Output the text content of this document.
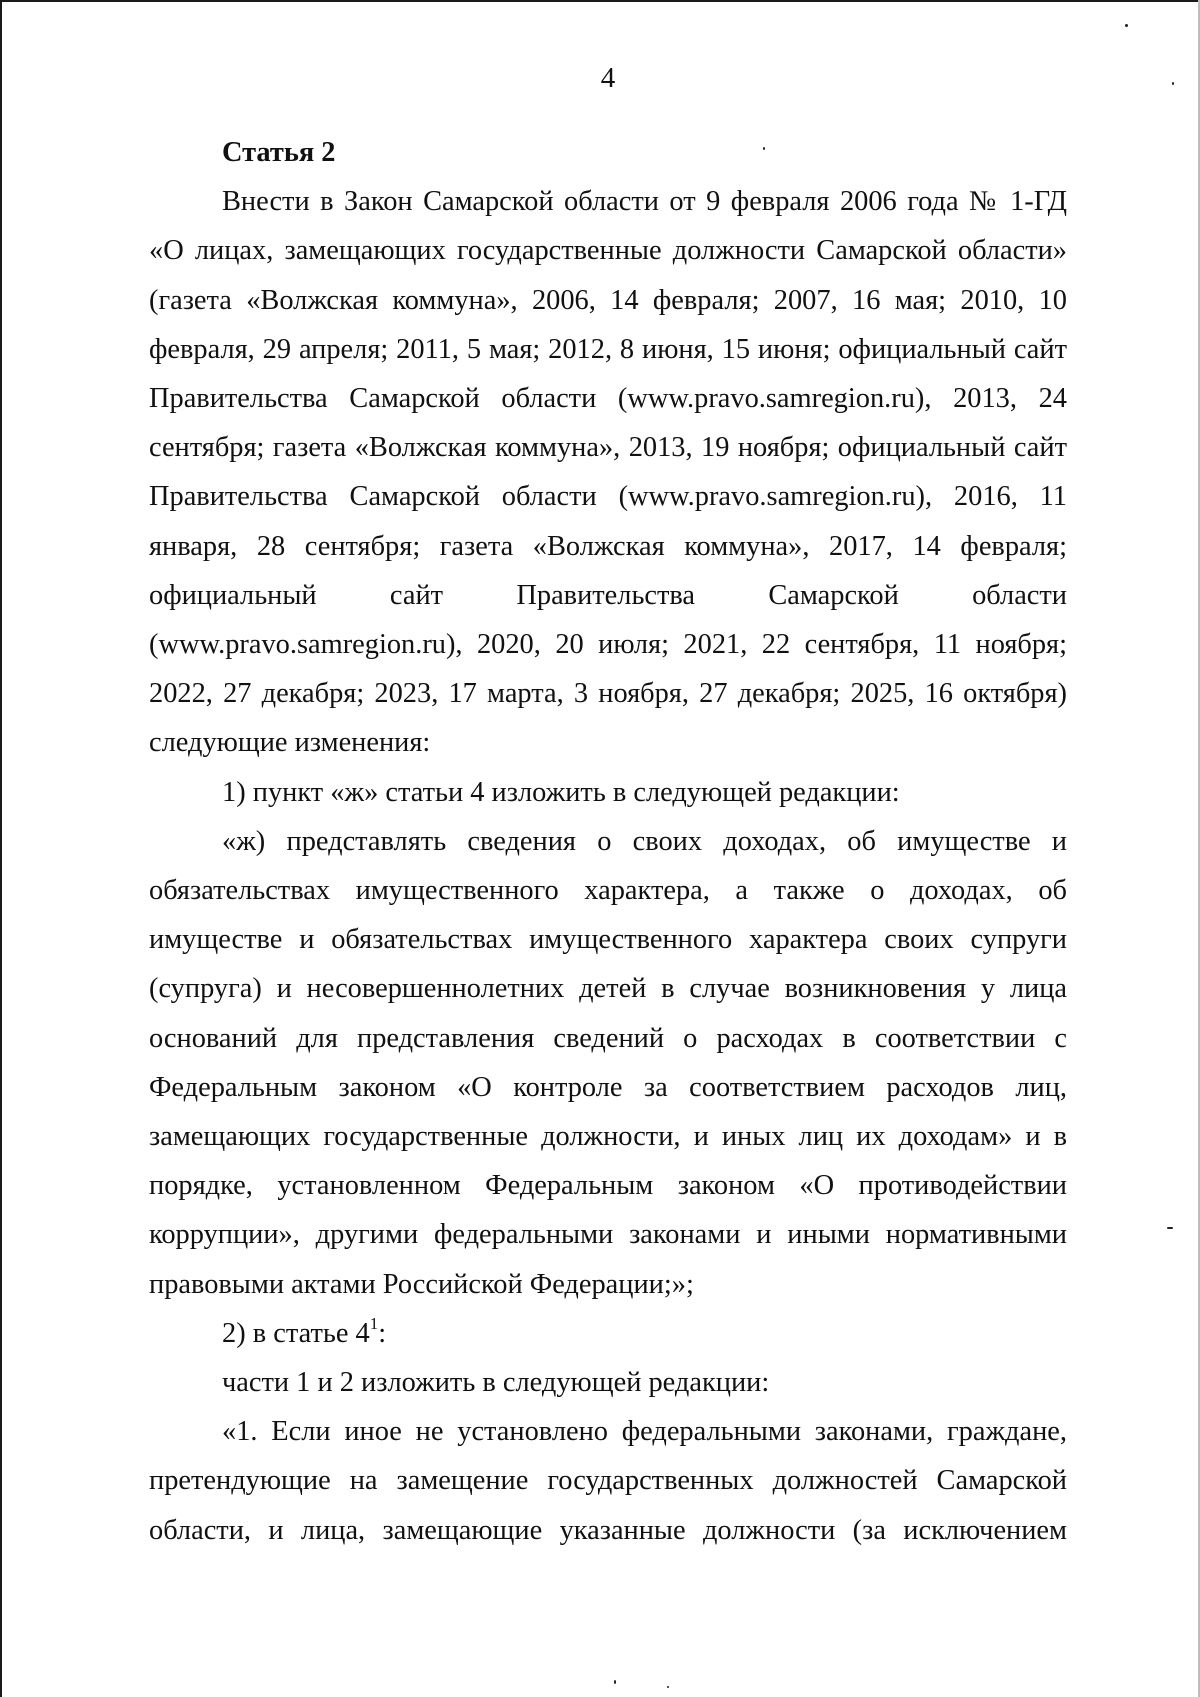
4

Статья 2

Внести в Закон Самарской области от 9 февраля 2006 года № 1-ГД «О лицах, замещающих государственные должности Самарской области» (газета «Волжская коммуна», 2006, 14 февраля; 2007, 16 мая; 2010, 10 февраля, 29 апреля; 2011, 5 мая; 2012, 8 июня, 15 июня; официальный сайт Правительства Самарской области (www.pravo.samregion.ru), 2013, 24 сентября; газета «Волжская коммуна», 2013, 19 ноября; официальный сайт Правительства Самарской области (www.pravo.samregion.ru), 2016, 11 января, 28 сентября; газета «Волжская коммуна», 2017, 14 февраля; официальный сайт Правительства Самарской области (www.pravo.samregion.ru), 2020, 20 июля; 2021, 22 сентября, 11 ноября; 2022, 27 декабря; 2023, 17 марта, 3 ноября, 27 декабря; 2025, 16 октября) следующие изменения:

1) пункт «ж» статьи 4 изложить в следующей редакции:

«ж) представлять сведения о своих доходах, об имуществе и обязательствах имущественного характера, а также о доходах, об имуществе и обязательствах имущественного характера своих супруги (супруга) и несовершеннолетних детей в случае возникновения у лица оснований для представления сведений о расходах в соответствии с Федеральным законом «О контроле за соответствием расходов лиц, замещающих государственные должности, и иных лиц их доходам» и в порядке, установленном Федеральным законом «О противодействии коррупции», другими федеральными законами и иными нормативными правовыми актами Российской Федерации;»;

2) в статье $4^1$:

части 1 и 2 изложить в следующей редакции:

«1. Если иное не установлено федеральными законами, граждане, претендующие на замещение государственных должностей Самарской области, и лица, замещающие указанные должности (за исключением
